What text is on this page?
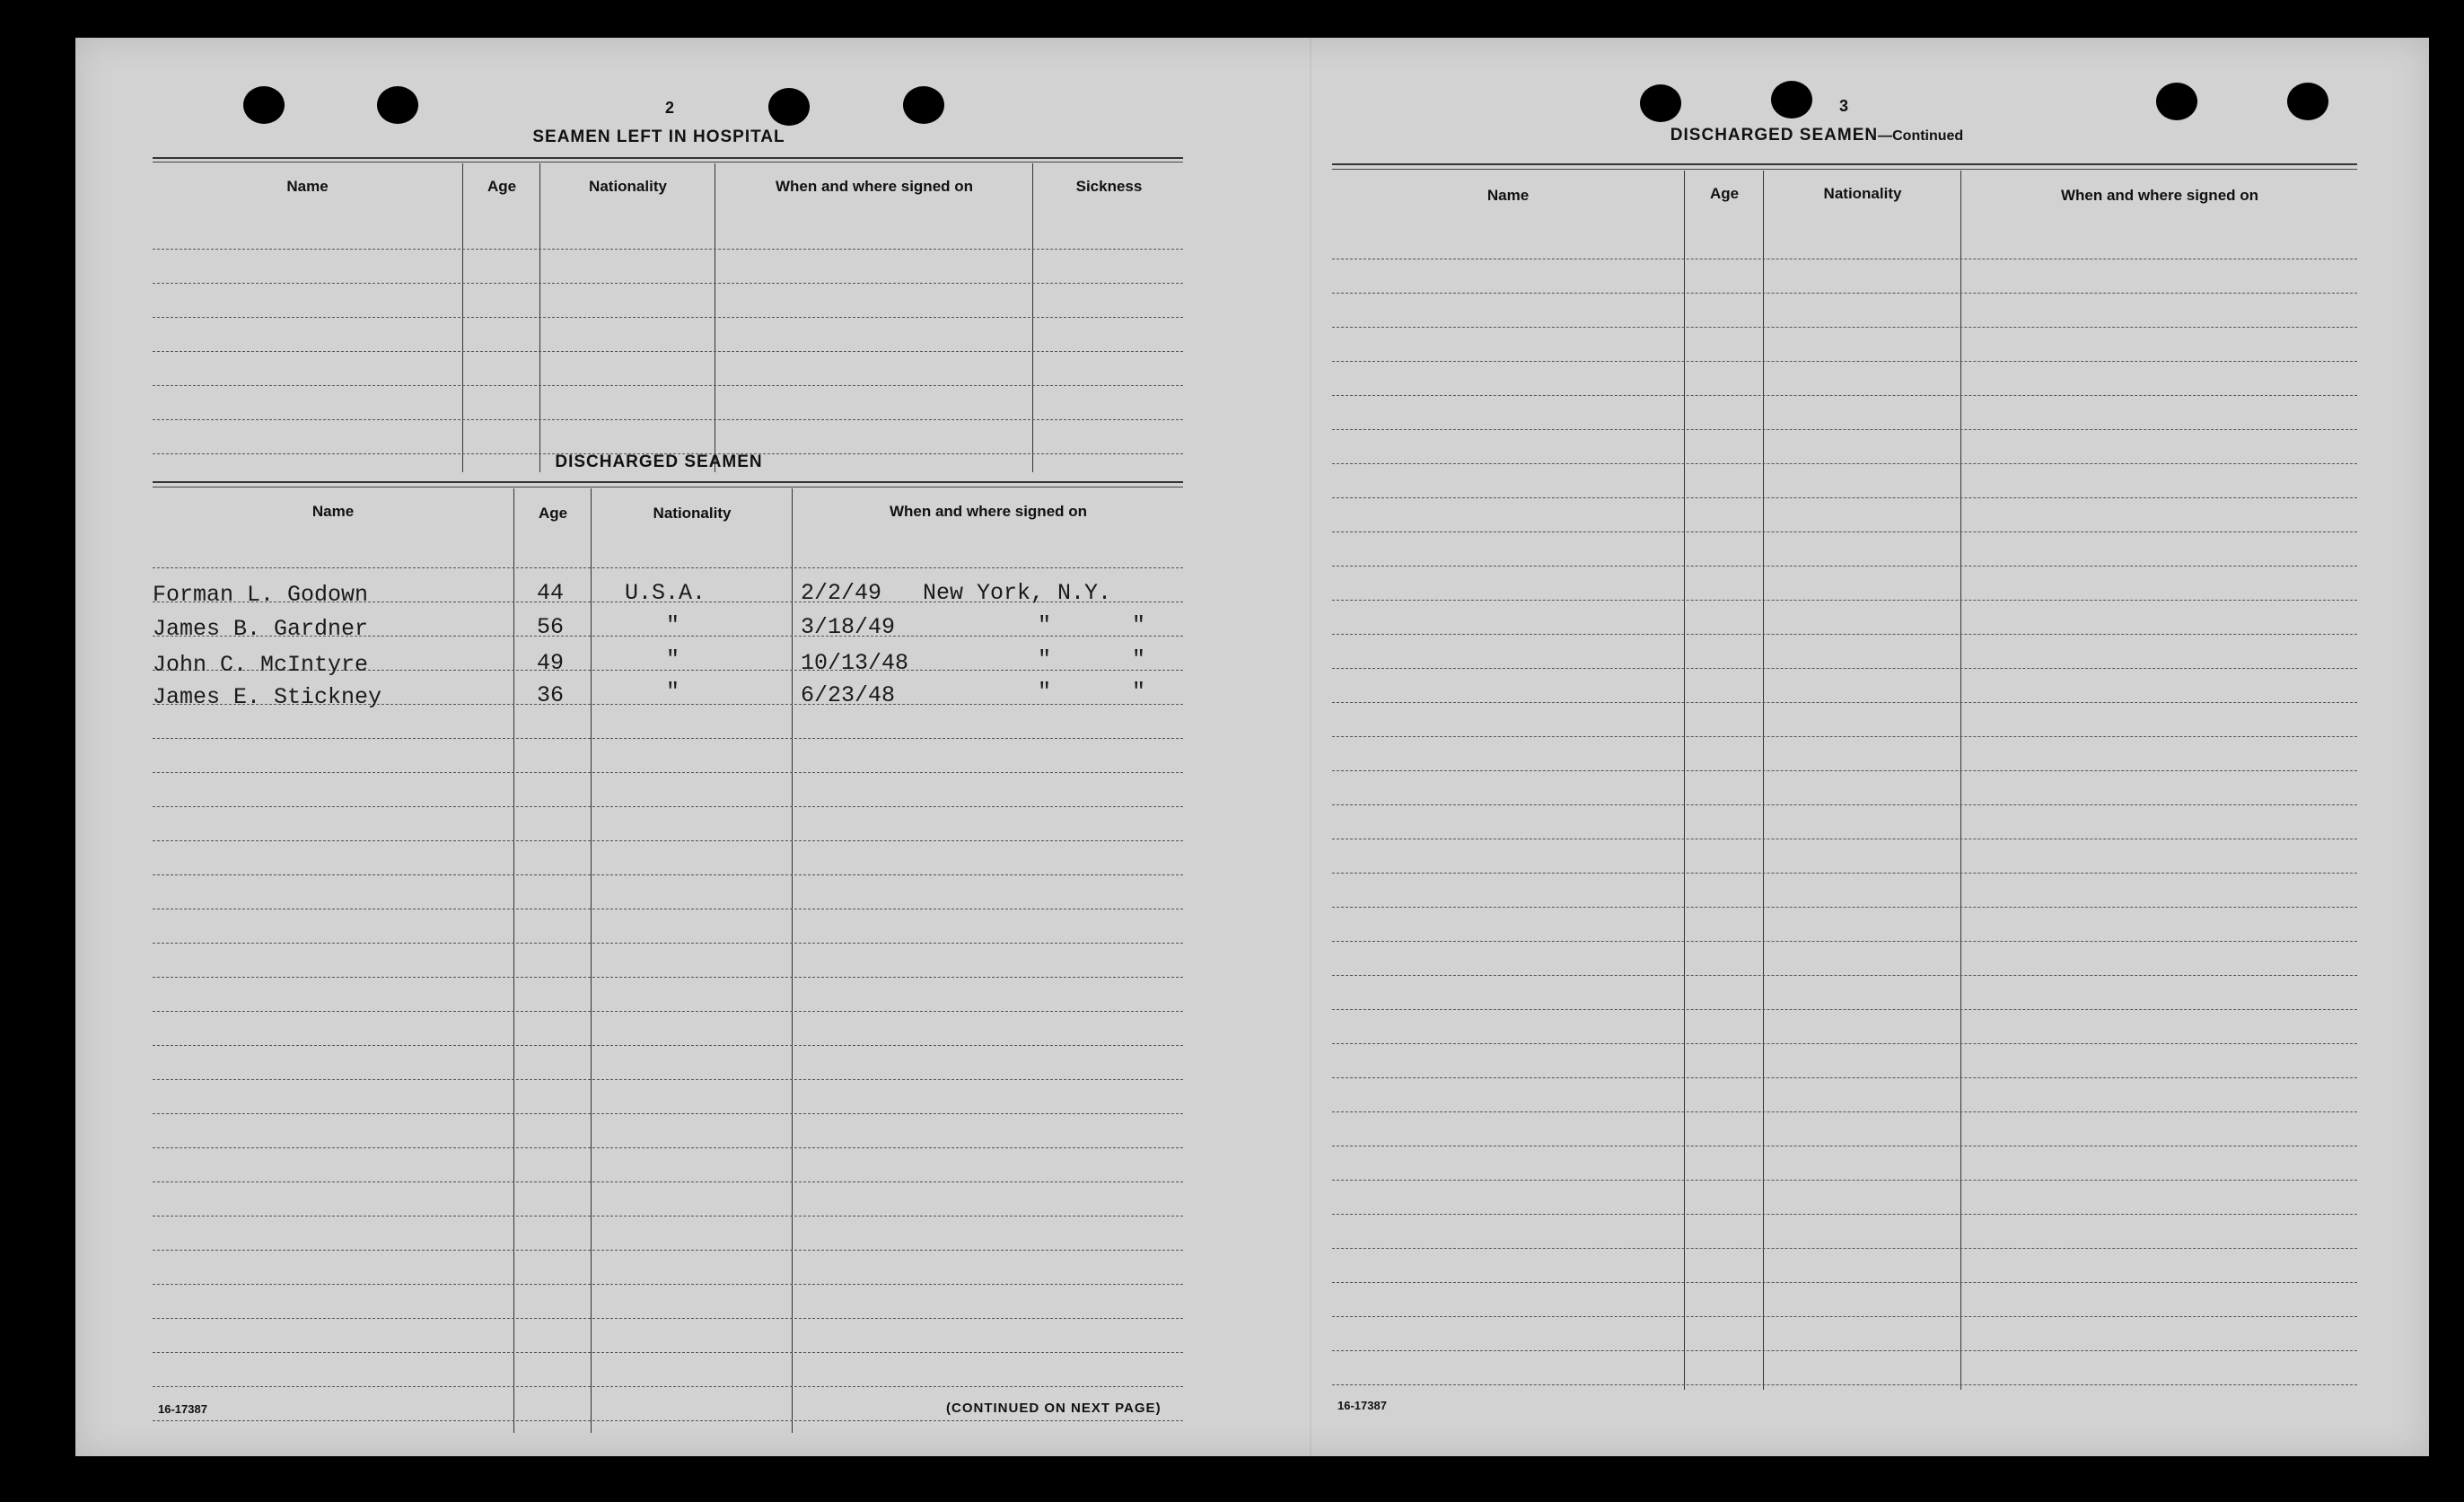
2
SEAMEN LEFT IN HOSPITAL
Name	Age	Nationality	When and where signed on	Sickness
DISCHARGED SEAMEN
Name	Age	Nationality	When and where signed on
Forman L. Godown	44	U.S.A.	2/2/49 New York, N.Y.
James B. Gardner	56	"	3/18/49	"      "
John C. McIntyre	49	"	10/13/48	"      "
James E. Stickney	36	"	6/23/48	"      "
16-17387	(CONTINUED ON NEXT PAGE)
3
DISCHARGED SEAMEN—Continued
Name	Age	Nationality	When and where signed on
16-17387
